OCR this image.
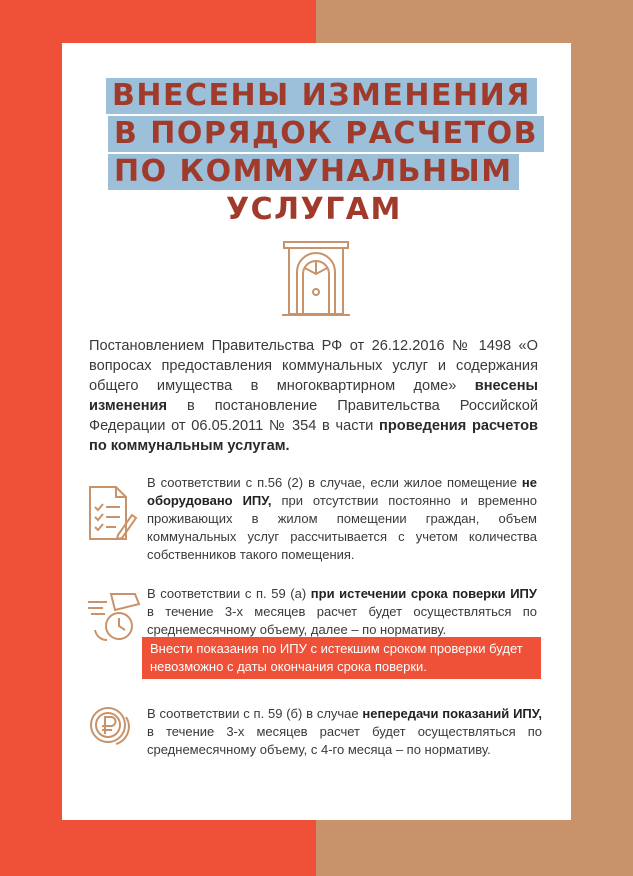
ВНЕСЕНЫ ИЗМЕНЕНИЯ
В ПОРЯДОК РАСЧЕТОВ
ПО КОММУНАЛЬНЫМ
УСЛУГАМ

Постановлением Правительства РФ от 26.12.2016 № 1498 «О вопросах предоставления коммунальных услуг и содержания общего имущества в многоквартирном доме» внесены изменения в постановление Правительства Российской Федерации от 06.05.2011 № 354 в части проведения расчетов по коммунальным услугам.

В соответствии с п.56 (2) в случае, если жилое помещение не оборудовано ИПУ, при отсутствии постоянно и временно проживающих в жилом помещении граждан, объем коммунальных услуг рассчитывается с учетом количества собственников такого помещения.

В соответствии с п. 59 (а) при истечении срока поверки ИПУ в течение 3-х месяцев расчет будет осуществляться по среднемесячному объему, далее – по нормативу.

Внести показания по ИПУ с истекшим сроком проверки будет невозможно с даты окончания срока поверки.

В соответствии с п. 59 (б) в случае непередачи показаний ИПУ, в течение 3-х месяцев расчет будет осуществляться по среднемесячному объему, с 4-го месяца – по нормативу.
